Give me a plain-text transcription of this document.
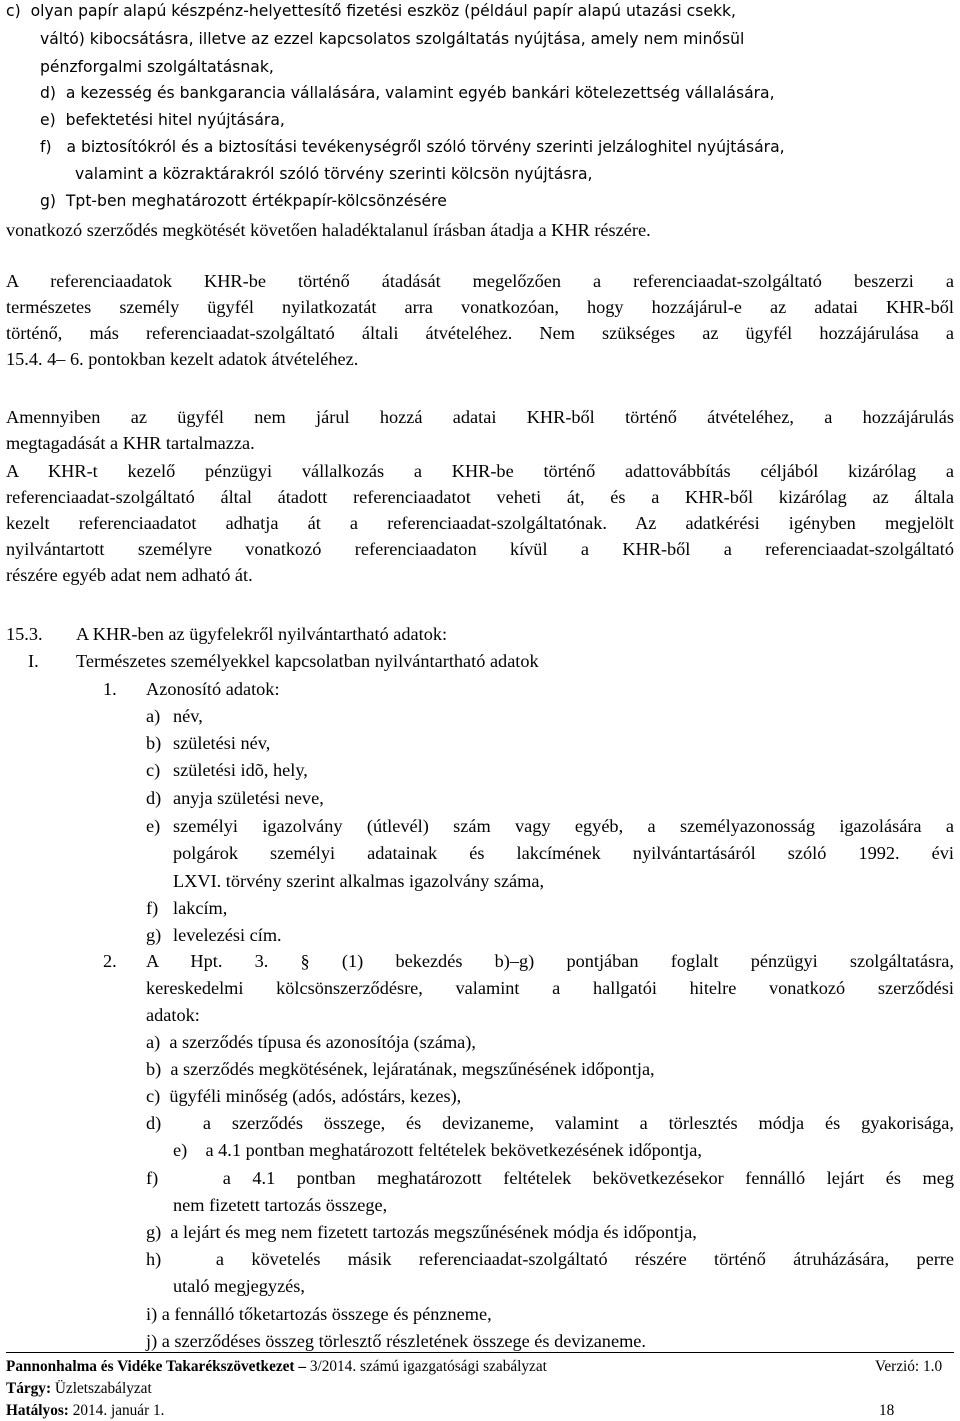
c)  olyan papír alapú készpénz-helyettesítő fizetési eszköz (például papír alapú utazási csekk,
váltó) kibocsátásra, illetve az ezzel kapcsolatos szolgáltatás nyújtása, amely nem minősül
pénzforgalmi szolgáltatásnak,
d)  a kezesség és bankgarancia vállalására, valamint egyéb bankári kötelezettség vállalására,
e)  befektetési hitel nyújtására,
f)   a biztosítókról és a biztosítási tevékenységről szóló törvény szerinti jelzáloghitel nyújtására,
valamint a közraktárakról szóló törvény szerinti kölcsön nyújtásra,
g)  Tpt-ben meghatározott értékpapír-kölcsönzésére
vonatkozó szerződés megkötését követően haladéktalanul írásban átadja a KHR részére.
A referenciaadatok KHR-be történő átadását megelőzően a referenciaadat-szolgáltató beszerzi a
természetes személy ügyfél nyilatkozatát arra vonatkozóan, hogy hozzájárul-e az adatai KHR-ből
történő, más referenciaadat-szolgáltató általi átvételéhez. Nem szükséges az ügyfél hozzájárulása a
15.4. 4– 6. pontokban kezelt adatok átvételéhez.
Amennyiben az ügyfél nem járul hozzá adatai KHR-ből történő átvételéhez, a hozzájárulás
megtagadását a KHR tartalmazza.
A KHR-t kezelő pénzügyi vállalkozás a KHR-be történő adattovábbítás céljából kizárólag a
referenciaadat-szolgáltató által átadott referenciaadatot veheti át, és a KHR-ből kizárólag az általa
kezelt referenciaadatot adhatja át a referenciaadat-szolgáltatónak. Az adatkérési igényben megjelölt
nyilvántartott személyre vonatkozó referenciaadaton kívül a KHR-ből a referenciaadat-szolgáltató
részére egyéb adat nem adható át.
15.3. A KHR-ben az ügyfelekről nyilvántartható adatok:
I. Természetes személyekkel kapcsolatban nyilvántartható adatok
1. Azonosító adatok:
a) név,
b) születési név,
c) születési idõ, hely,
d) anyja születési neve,
e) személyi igazolvány (útlevél) szám vagy egyéb, a személyazonosság igazolására a
polgárok személyi adatainak és lakcímének nyilvántartásáról szóló 1992. évi
LXVI. törvény szerint alkalmas igazolvány száma,
f) lakcím,
g) levelezési cím.
2. A Hpt. 3. § (1) bekezdés b)–g) pontjában foglalt pénzügyi szolgáltatásra,
kereskedelmi kölcsönszerződésre, valamint a hallgatói hitelre vonatkozó szerződési
adatok:
a)  a szerződés típusa és azonosítója (száma),
b)  a szerződés megkötésének, lejáratának, megszűnésének időpontja,
c)  ügyféli minőség (adós, adóstárs, kezes),
d)  a szerződés összege, és devizaneme, valamint a törlesztés módja és gyakorisága,
e)    a 4.1 pontban meghatározott feltételek bekövetkezésének időpontja,
f)   a 4.1 pontban meghatározott feltételek bekövetkezésekor fennálló lejárt és meg
nem fizetett tartozás összege,
g)  a lejárt és meg nem fizetett tartozás megszűnésének módja és időpontja,
h)  a követelés másik referenciaadat-szolgáltató részére történő átruházására, perre
utaló megjegyzés,
i) a fennálló tőketartozás összege és pénzneme,
j) a szerződéses összeg törlesztő részletének összege és devizaneme.
Pannonhalma és Vidéke Takarékszövetkezet – 3/2014. számú igazgatósági szabályzat	Verzió: 1.0
Tárgy: Üzletszabályzat
Hatályos: 2014. január 1.	18
